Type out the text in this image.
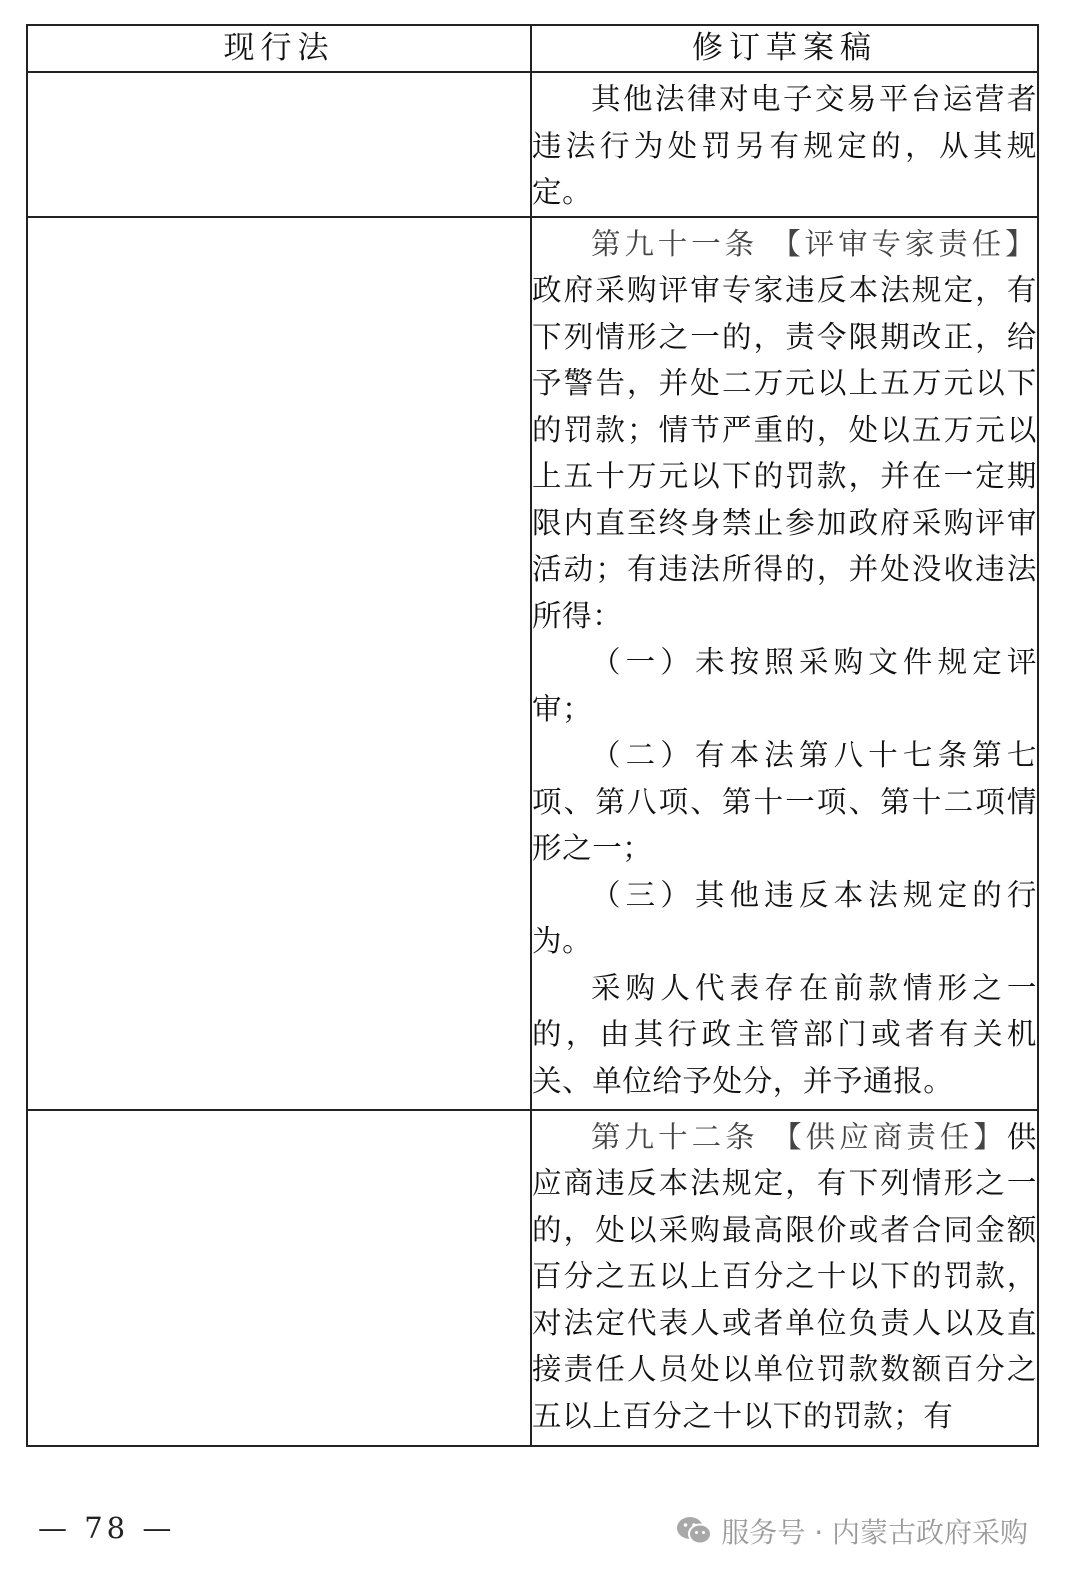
现行法	修订草案稿

	其他法律对电子交易平台运营者违法行为处罚另有规定的，从其规定。

	第九十一条 【评审专家责任】政府采购评审专家违反本法规定，有下列情形之一的，责令限期改正，给予警告，并处二万元以上五万元以下的罚款；情节严重的，处以五万元以上五十万元以下的罚款，并在一定期限内直至终身禁止参加政府采购评审活动；有违法所得的，并处没收违法所得：

（一）未按照采购文件规定评审；

（二）有本法第八十七条第七项、第八项、第十一项、第十二项情形之一；

（三）其他违反本法规定的行为。

采购人代表存在前款情形之一的，由其行政主管部门或者有关机关、单位给予处分，并予通报。

	第九十二条 【供应商责任】供应商违反本法规定，有下列情形之一的，处以采购最高限价或者合同金额百分之五以上百分之十以下的罚款，对法定代表人或者单位负责人以及直接责任人员处以单位罚款数额百分之五以上百分之十以下的罚款；有

— 78 —	服务号 · 内蒙古政府采购
